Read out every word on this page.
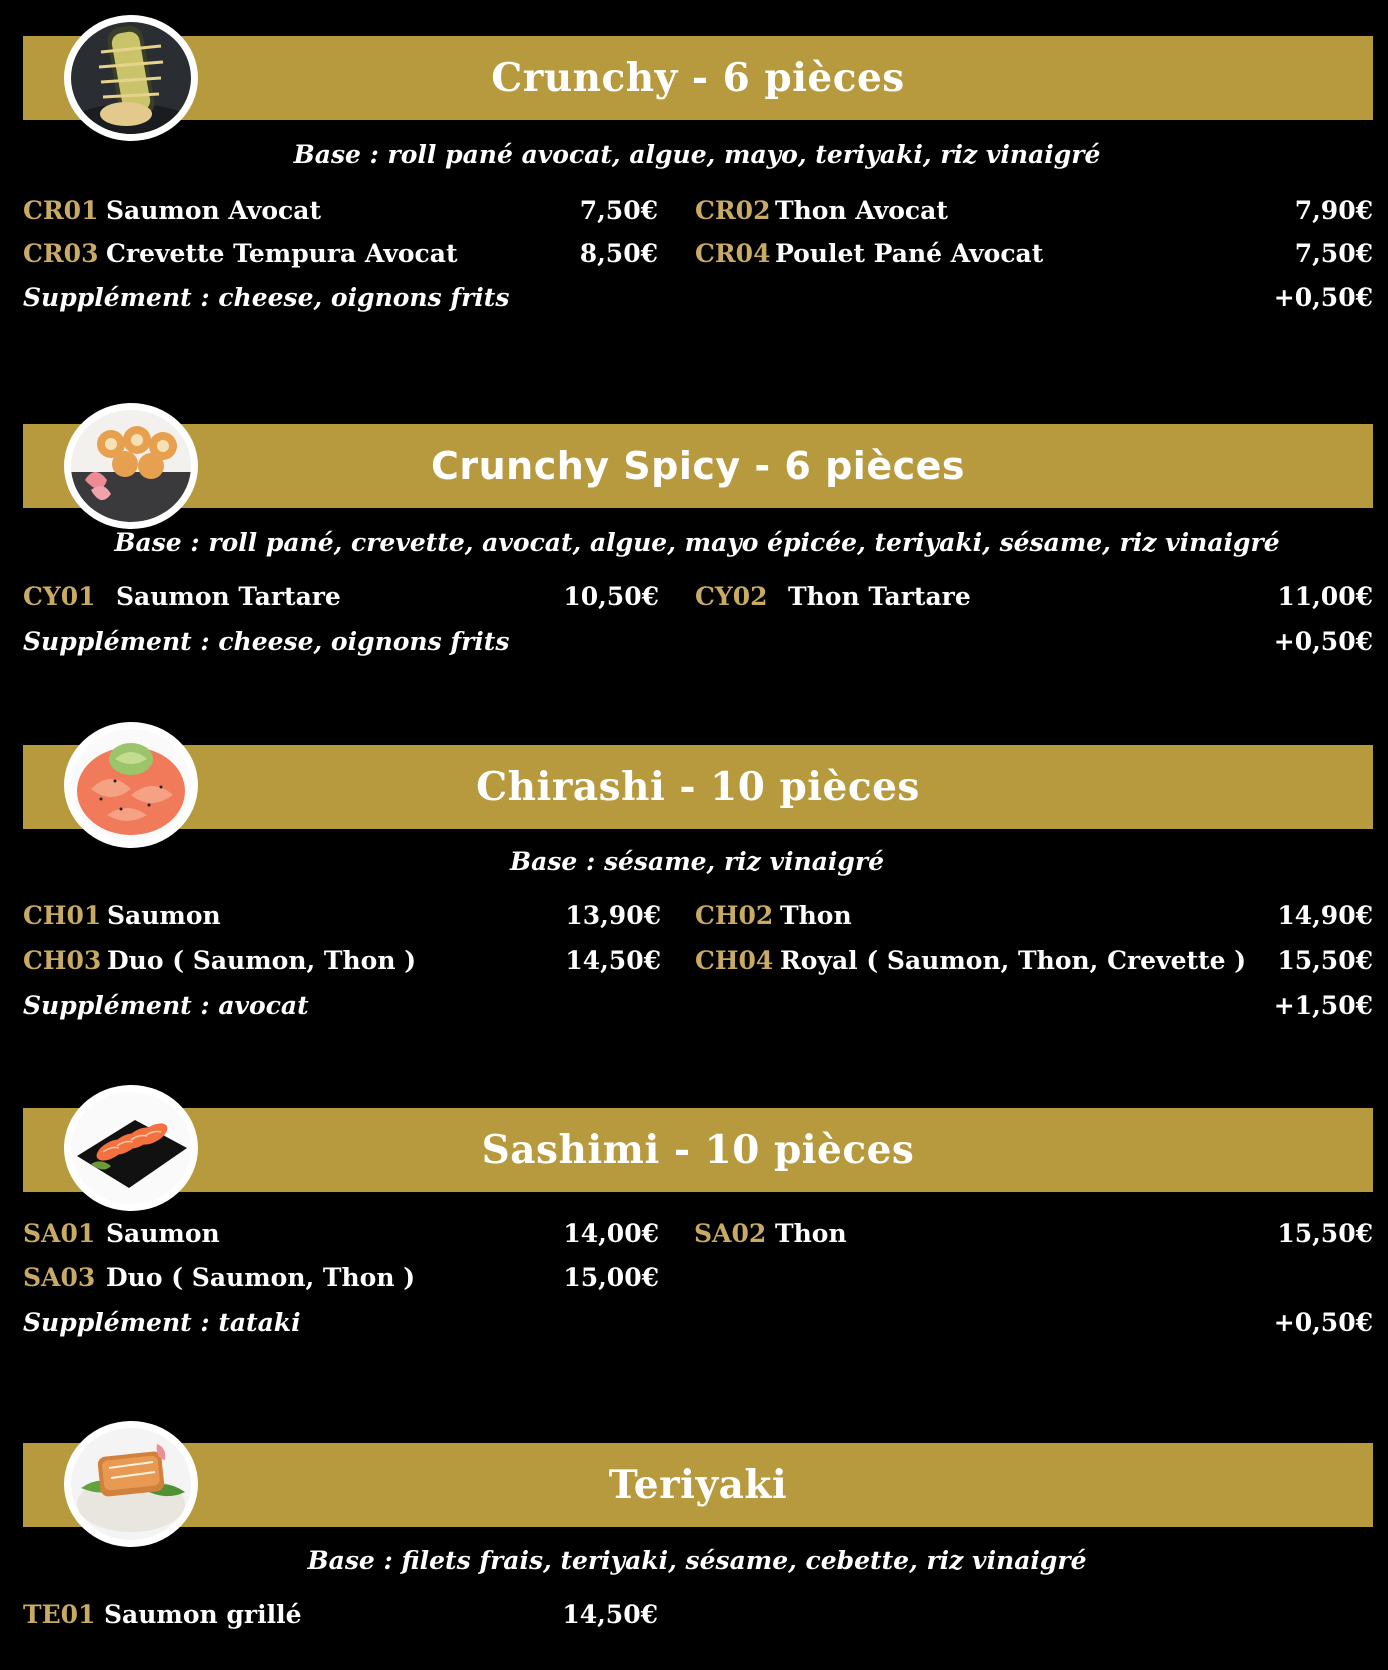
Crunchy - 6 pièces
Base : roll pané avocat, algue, mayo, teriyaki, riz vinaigré
CR01 Saumon Avocat	7,50€ CR02 Thon Avocat	7,90€
CR03 Crevette Tempura Avocat	8,50€ CR04 Poulet Pané Avocat	7,50€
Supplément : cheese, oignons frits	+0,50€
Crunchy Spicy - 6 pièces
Base : roll pané, crevette, avocat, algue, mayo épicée, teriyaki, sésame, riz vinaigré
CY01 Saumon Tartare	10,50€ CY02 Thon Tartare	11,00€
Supplément : cheese, oignons frits	+0,50€
Chirashi - 10 pièces
Base : sésame, riz vinaigré
CH01 Saumon	13,90€ CH02 Thon	14,90€
CH03 Duo ( Saumon, Thon )	14,50€ CH04 Royal ( Saumon, Thon, Crevette )	15,50€
Supplément : avocat	+1,50€
Sashimi - 10 pièces
SA01 Saumon	14,00€ SA02 Thon	15,50€
SA03 Duo ( Saumon, Thon )	15,00€
Supplément : tataki	+0,50€
Teriyaki
Base : filets frais, teriyaki, sésame, cebette, riz vinaigré
TE01 Saumon grillé	14,50€
